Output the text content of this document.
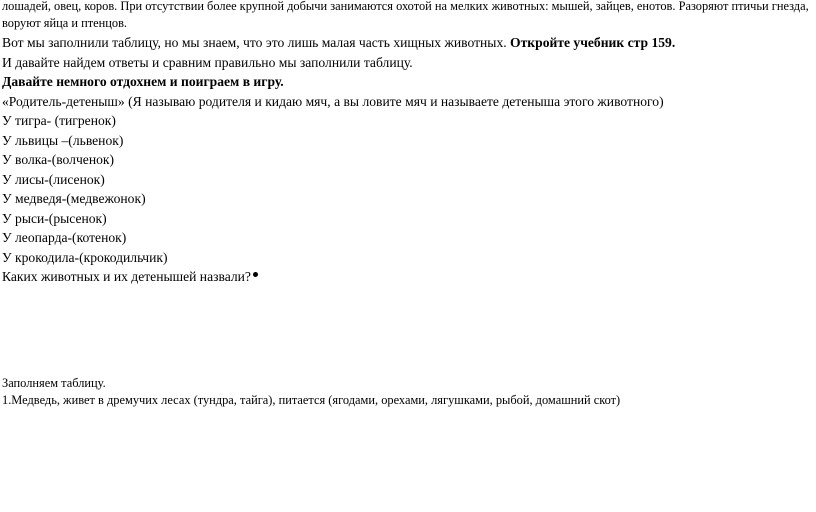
лошадей, овец, коров. При отсутствии более крупной добычи занимаются охотой на мелких животных: мышей, зайцев, енотов. Разоряют птичьи гнезда, воруют яйца и птенцов.
Вот мы заполнили таблицу, но мы знаем, что это лишь малая часть хищных животных. Откройте учебник стр 159.
И давайте найдем ответы и сравним правильно мы заполнили таблицу.
Давайте немного отдохнем и поиграем в игру.
«Родитель-детеныш» (Я называю родителя и кидаю мяч, а вы ловите мяч и называете детеныша этого животного)
У тигра- (тигренок)
У львицы –(львенок)
У волка-(волченок)
У лисы-(лисенок)
У медведя-(медвежонок)
У рыси-(рысенок)
У леопарда-(котенок)
У крокодила-(крокодильчик)
Каких животных и их детенышей назвали?
Заполняем таблицу.
1.Медведь, живет в дремучих лесах (тундра, тайга), питается (ягодами, орехами, лягушками, рыбой, домашний скот)
